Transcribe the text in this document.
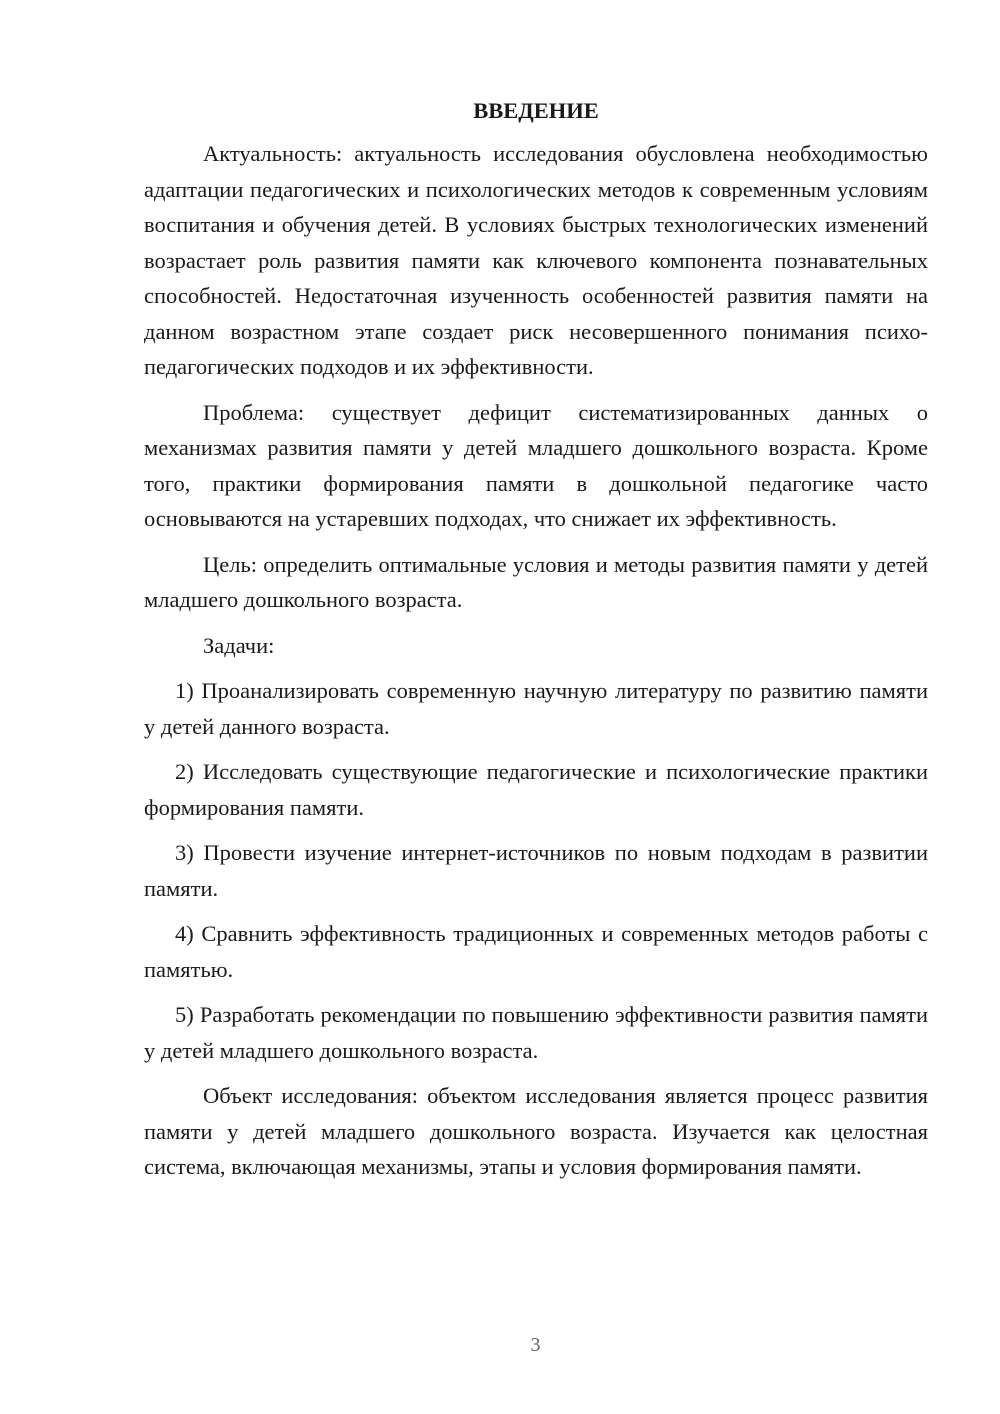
ВВЕДЕНИЕ

Актуальность: актуальность исследования обусловлена необходимостью адаптации педагогических и психологических методов к современным условиям воспитания и обучения детей. В условиях быстрых технологических изменений возрастает роль развития памяти как ключевого компонента познавательных способностей. Недостаточная изученность особенностей развития памяти на данном возрастном этапе создает риск несовершенного понимания психо-педагогических подходов и их эффективности.

Проблема: существует дефицит систематизированных данных о механизмах развития памяти у детей младшего дошкольного возраста. Кроме того, практики формирования памяти в дошкольной педагогике часто основываются на устаревших подходах, что снижает их эффективность.

Цель: определить оптимальные условия и методы развития памяти у детей младшего дошкольного возраста.

Задачи:

1) Проанализировать современную научную литературу по развитию памяти у детей данного возраста.

2) Исследовать существующие педагогические и психологические практики формирования памяти.

3) Провести изучение интернет-источников по новым подходам в развитии памяти.

4) Сравнить эффективность традиционных и современных методов работы с памятью.

5) Разработать рекомендации по повышению эффективности развития памяти у детей младшего дошкольного возраста.

Объект исследования: объектом исследования является процесс развития памяти у детей младшего дошкольного возраста. Изучается как целостная система, включающая механизмы, этапы и условия формирования памяти.

3
